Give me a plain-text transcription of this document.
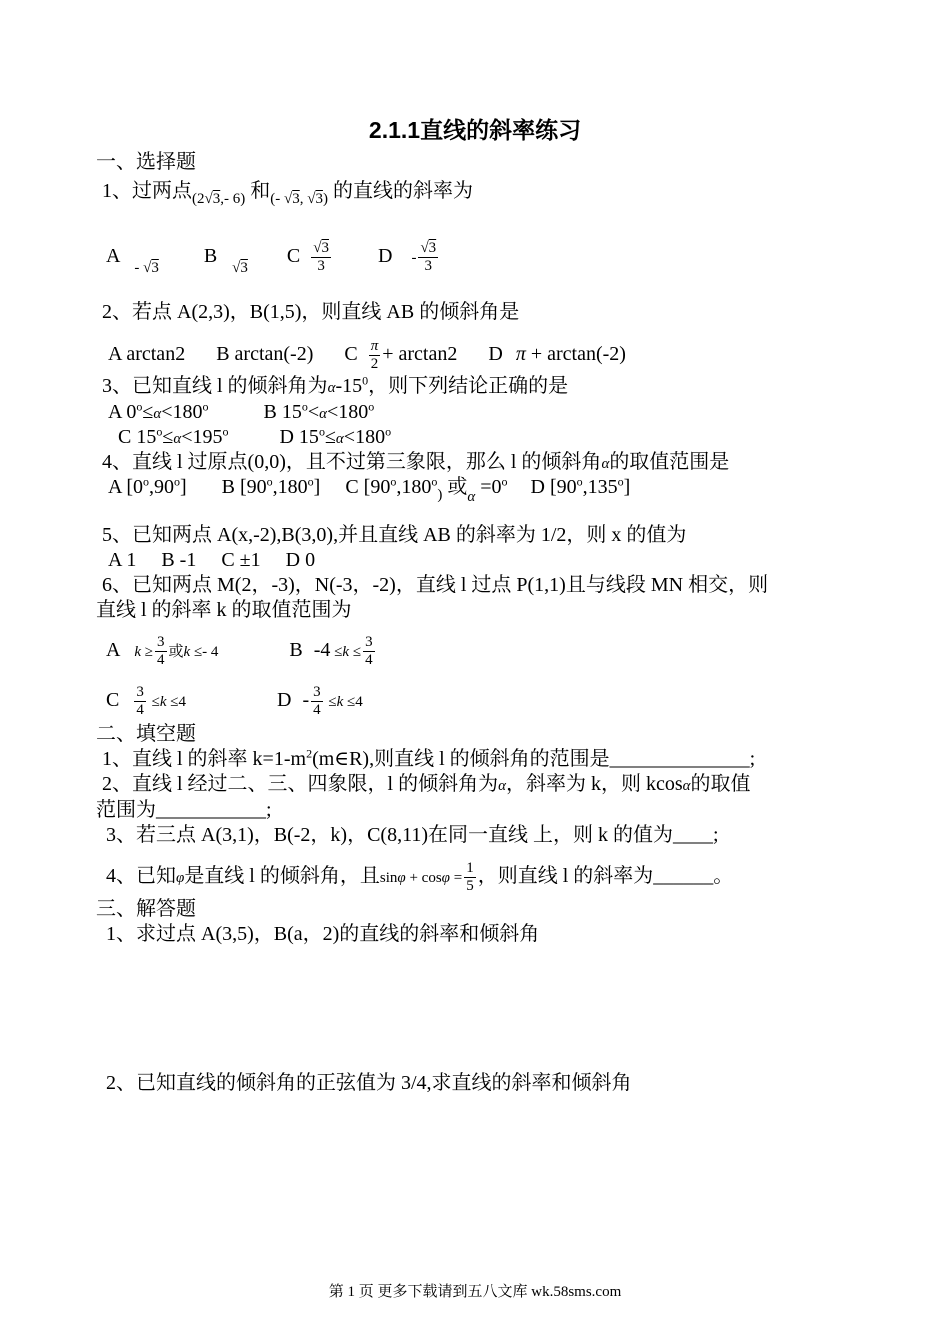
2.1.1直线的斜率练习
一、选择题
1、过两点$_{(2√3,- 6)}$ 和$_{(- √3, √3)}$ 的直线的斜率为
A $_{- √3}$ B $_{√3}$ C $\frac{√3}{3}$ D - $\frac{√3}{3}$
2、若点 A(2,3)，B(1,5)，则直线 AB 的倾斜角是
A arctan2 B arctan(-2) C $\frac{\pi}{2} + \arctan 2$ D π + arctan(-2)
3、已知直线 l 的倾斜角为$\alpha-15^0$，则下列结论正确的是
A $0^o\le\alpha<180^o$	B $15^o<\alpha<180^o$
C $15^o\le\alpha<195^o$	D $15^o\le\alpha<180^o$
4、直线 l 过原点(0,0)，且不过第三象限，那么 l 的倾斜角α的取值范围是
A [0$^o$,90$^o$] B [90$^o$,180$^o$] C [$90^o,180^o_)$ 或$_\alpha =0^o$ D [90$^o$,135$^o$]
5、已知两点 A(x,-2),B(3,0),并且直线 AB 的斜率为 1/2，则 x 的值为
A 1     B -1     C ±1     D 0
6、已知两点 M(2，-3)，N(-3，-2)，直线 l 过点 P(1,1)且与线段 MN 相交，则
直线 l 的斜率 k 的取值范围为
A $k \ge \frac{3}{4}$ 或k ≤- 4	B $-4 \le k \le \frac{3}{4}$
C $\frac{3}{4} \le k \le 4$	$D - \frac{3}{4} \le k \le 4$
二、填空题
1、直线 l 的斜率 $k=1-m^2(m\in R)$,则直线 l 的倾斜角的范围是______________;
2、直线 l 经过二、三、四象限，l 的倾斜角为α，斜率为 k，则 kcosα的取值
范围为___________;
3、若三点 A(3,1)，B(-2，k)，C(8,11)在同一直线 上，则 k 的值为____;
4、已知φ是直线 l 的倾斜角，且$\sin\varphi + \cos\varphi = \frac{1}{5}$ ，则直线 l 的斜率为______。
三、解答题
1、求过点 A(3,5)，B(a，2)的直线的斜率和倾斜角
2、已知直线的倾斜角的正弦值为 3/4,求直线的斜率和倾斜角
第 1 页 更多下载请到五八文库 wk.58sms.com
